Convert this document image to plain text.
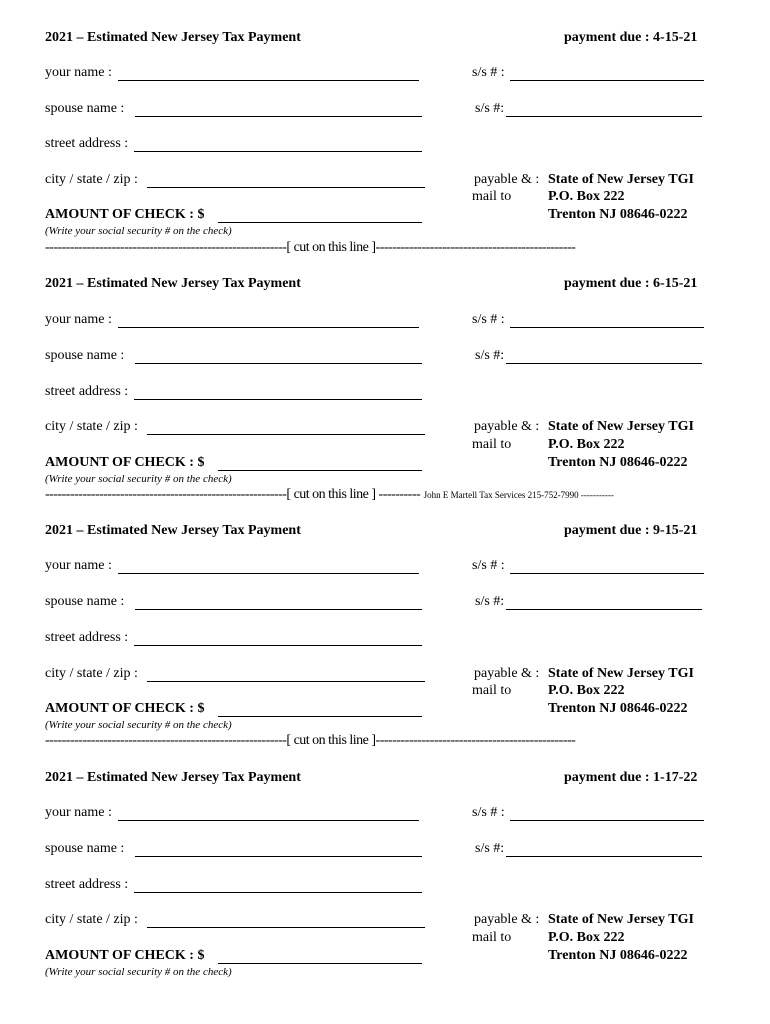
2021 – Estimated New Jersey Tax Payment	payment due : 4-15-21
your name :	s/s # :
spouse name :	s/s #:
street address :
city / state / zip :	payable & : State of New Jersey TGI
mail to	P.O. Box 222
Trenton NJ 08646-0222
AMOUNT OF CHECK : $
(Write your social security # on the check)
----------------------------------------------------------[ cut on this line ]------------------------------------------------
2021 – Estimated New Jersey Tax Payment	payment due : 6-15-21
your name :	s/s # :
spouse name :	s/s #:
street address :
city / state / zip :	payable & : State of New Jersey TGI
mail to	P.O. Box 222
Trenton NJ 08646-0222
AMOUNT OF CHECK : $
(Write your social security # on the check)
----------------------------------------------------------[ cut on this line ] ---------- John E Martell Tax Services 215-752-7990 -----------
2021 – Estimated New Jersey Tax Payment	payment due : 9-15-21
your name :	s/s # :
spouse name :	s/s #:
street address :
city / state / zip :	payable & : State of New Jersey TGI
mail to	P.O. Box 222
Trenton NJ 08646-0222
AMOUNT OF CHECK : $
(Write your social security # on the check)
----------------------------------------------------------[ cut on this line ]------------------------------------------------
2021 – Estimated New Jersey Tax Payment	payment due : 1-17-22
your name :	s/s # :
spouse name :	s/s #:
street address :
city / state / zip :	payable & : State of New Jersey TGI
mail to	P.O. Box 222
Trenton NJ 08646-0222
AMOUNT OF CHECK : $
(Write your social security # on the check)
